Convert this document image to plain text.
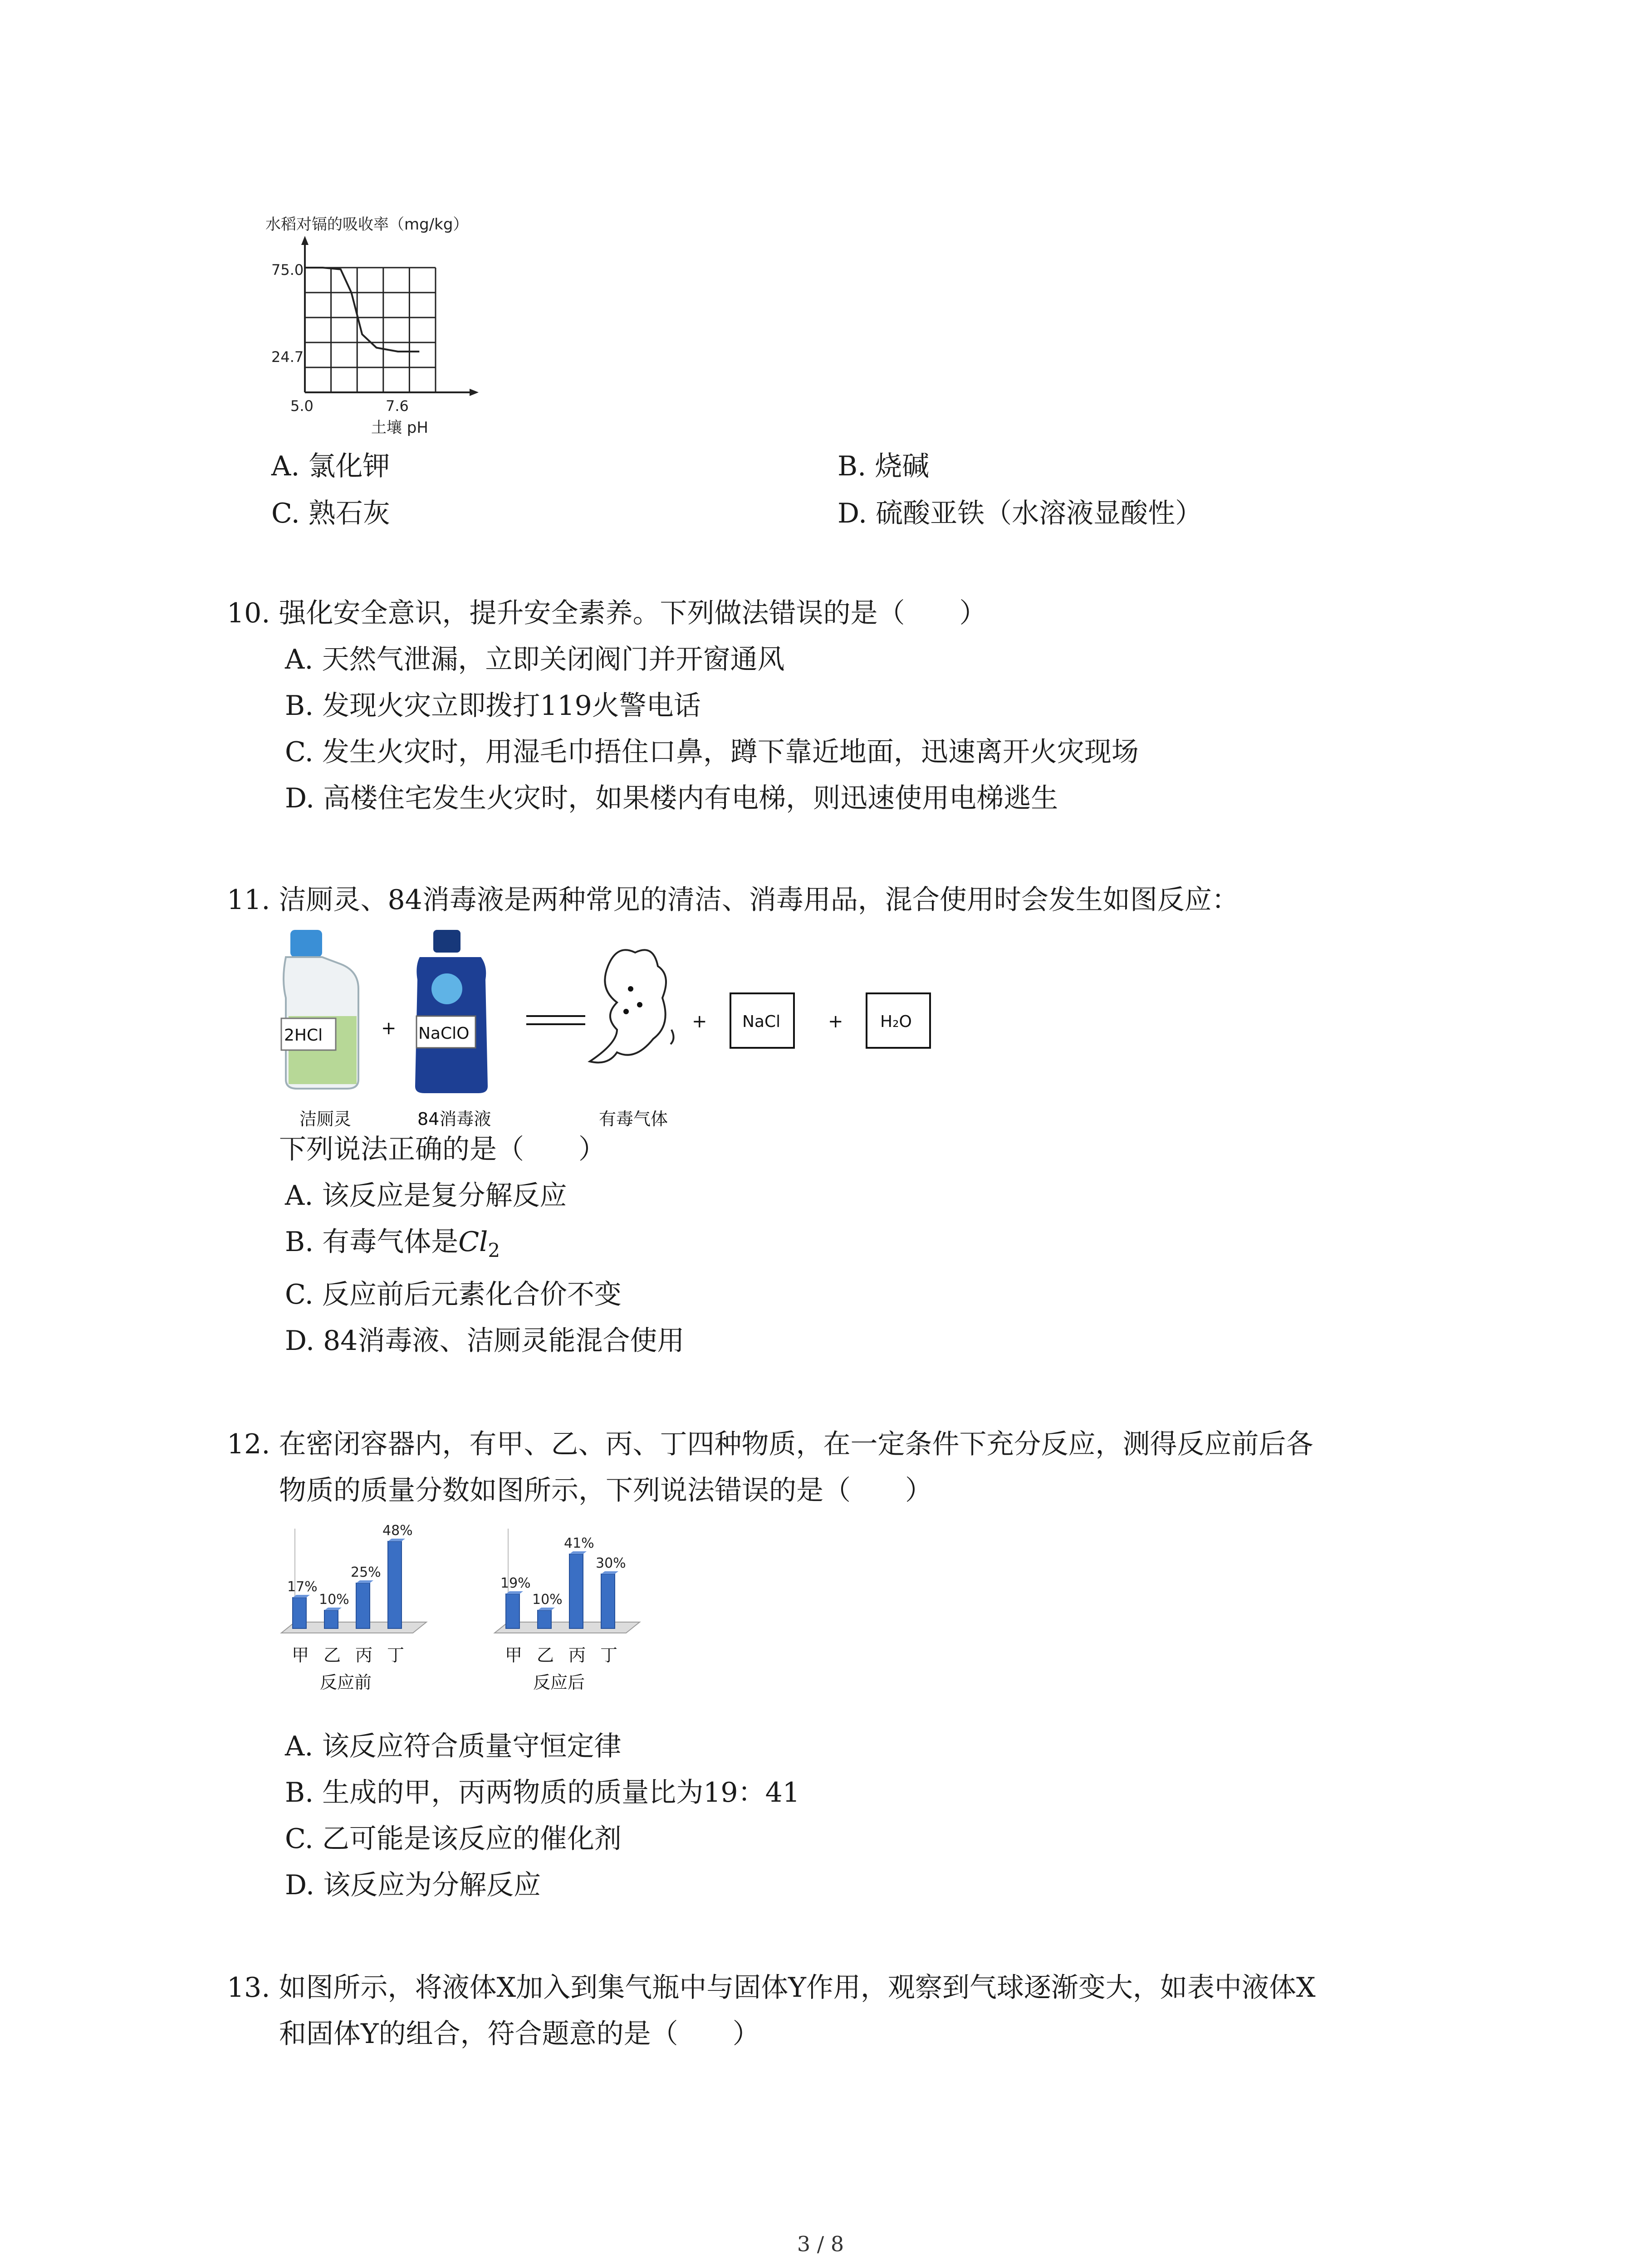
水稻对镉的吸收率（mg/kg）
75.0
24.7
5.0	7.6
土壤 pH
A. 氯化钾	B. 烧碱
C. 熟石灰	D. 硫酸亚铁（水溶液显酸性）
10. 强化安全意识，提升安全素养。下列做法错误的是（　　）
A. 天然气泄漏，立即关闭阀门并开窗通风
B. 发现火灾立即拨打119火警电话
C. 发生火灾时，用湿毛巾捂住口鼻，蹲下靠近地面，迅速离开火灾现场
D. 高楼住宅发生火灾时，如果楼内有电梯，则迅速使用电梯逃生
11. 洁厕灵、84消毒液是两种常见的清洁、消毒用品，混合使用时会发生如图反应：
2HCl
洁厕灵
+ NaClO
84消毒液	有毒气体
+ NaCl	+ H₂O
下列说法正确的是（　　）
A. 该反应是复分解反应
B. 有毒气体是$Cl_2$
C. 反应前后元素化合价不变
D. 84消毒液、洁厕灵能混合使用
12. 在密闭容器内，有甲、乙、丙、丁四种物质，在一定条件下充分反应，测得反应前后各
物质的质量分数如图所示，下列说法错误的是（　　）
17%
甲
10%
乙
25%
丙
48%
丁
反应前
19%
甲
10%
乙
41%
丙
30%
丁
反应后
A. 该反应符合质量守恒定律
B. 生成的甲，丙两物质的质量比为19：41
C. 乙可能是该反应的催化剂
D. 该反应为分解反应
13. 如图所示，将液体X加入到集气瓶中与固体Y作用，观察到气球逐渐变大，如表中液体X
和固体Y的组合，符合题意的是（　　）
3 / 8
